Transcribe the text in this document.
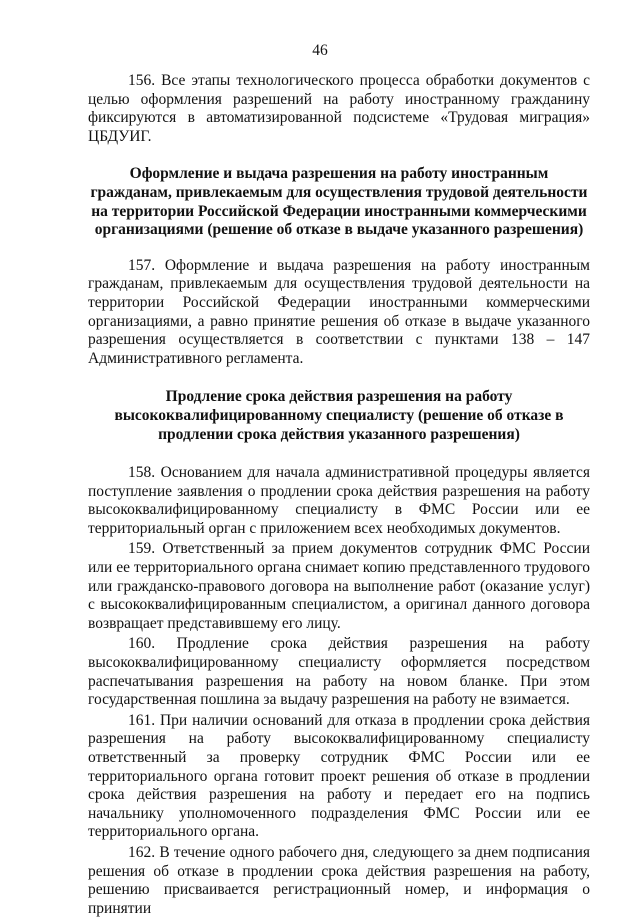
46

156. Все этапы технологического процесса обработки документов с целью оформления разрешений на работу иностранному гражданину фиксируются в автоматизированной подсистеме «Трудовая миграция» ЦБДУИГ.

Оформление и выдача разрешения на работу иностранным гражданам, привлекаемым для осуществления трудовой деятельности на территории Российской Федерации иностранными коммерческими организациями (решение об отказе в выдаче указанного разрешения)

157. Оформление и выдача разрешения на работу иностранным гражданам, привлекаемым для осуществления трудовой деятельности на территории Российской Федерации иностранными коммерческими организациями, а равно принятие решения об отказе в выдаче указанного разрешения осуществляется в соответствии с пунктами 138 – 147 Административного регламента.

Продление срока действия разрешения на работу высококвалифицированному специалисту (решение об отказе в продлении срока действия указанного разрешения)

158. Основанием для начала административной процедуры является поступление заявления о продлении срока действия разрешения на работу высококвалифицированному специалисту в ФМС России или ее территориальный орган с приложением всех необходимых документов.

159. Ответственный за прием документов сотрудник ФМС России или ее территориального органа снимает копию представленного трудового или гражданско-правового договора на выполнение работ (оказание услуг) с высококвалифицированным специалистом, а оригинал данного договора возвращает представившему его лицу.

160. Продление срока действия разрешения на работу высококвалифицированному специалисту оформляется посредством распечатывания разрешения на работу на новом бланке. При этом государственная пошлина за выдачу разрешения на работу не взимается.

161. При наличии оснований для отказа в продлении срока действия разрешения на работу высококвалифицированному специалисту ответственный за проверку сотрудник ФМС России или ее территориального органа готовит проект решения об отказе в продлении срока действия разрешения на работу и передает его на подпись начальнику уполномоченного подразделения ФМС России или ее территориального органа.

162. В течение одного рабочего дня, следующего за днем подписания решения об отказе в продлении срока действия разрешения на работу, решению присваивается регистрационный номер, и информация о принятии
